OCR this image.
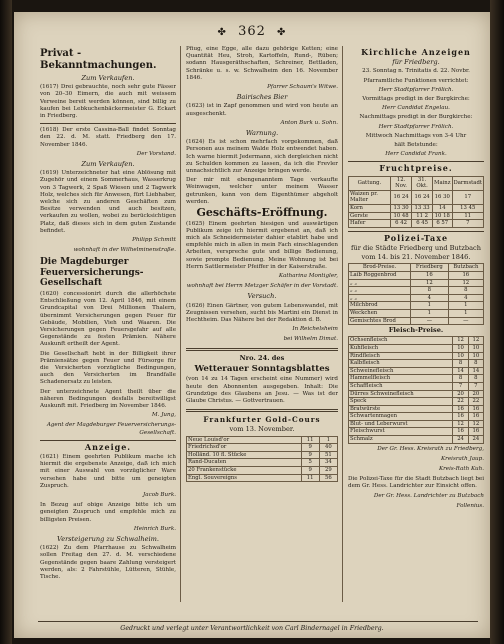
✤ 362 ✤
Privat - Bekanntmachungen.
Zum Verkaufen.

(1617) Drei gebrauchte, noch sehr gute Fässer von 20–30 Eimern, die auch mit weissem Verweine bereit werden können, sind billig zu kaufen bei Lebkuchenbäckermeister G. Eckart in Friedberg.

(1618) Der erste Cassina-Ball findet Sonntag den 22. d. M. statt. Friedberg den 17. November 1846.

Der Vorstand.
Zum Verkaufen.

(1619) Unterzeichneter hat eine Ablösung mit Zugehör und einem Sommerhaus, Wasserkrug von 3 Tagwerk, 2 Spaß Wiesen und 2 Tagwerk Holz, welches sich für Anwesen, fürt Liebhaber, welche sich zu anderen Geschäften zum Besitze verwenden und auch besitzen, verkaufen zu wollen, wobei zu berücksichtigen Platz, daß dieses sich in dem guten Zustande befindet.

Philipp Schmitt
wohnhaft in der Wilhelminenstraße.
Die Magdeburger Feuerversicherungs-Gesellschaft

(1620) concessionirt durch die allerhöchste Entschließung vom 12. April 1846, mit einem Grundcapital von Drei Millionen Thalern, übernimmt Versicherungen gegen Feuer für Gebäude, Mobilien, Vieh und Waaren. Die Versicherungen gegen Feuersgefahr auf alle Gegenstände zu festen Prämien. Nähere Auskunft ertheilt der Agent.

Die Gesellschaft hebt in der Billigkeit ihrer Prämiensätze gegen Feuer und Fürsorge für die Versicherten vorzügliche Bedingungen, auch den Versicherten im Brandfalle Schadenersatz zu leisten.

Der unterzeichnete Agent theilt über die näheren Bedingungen desfalls bereitwilligst Auskunft mit. Friedberg im November 1846.

M. Jung,
Agent der Magdeburger Feuerversicherungs-Gesellschaft.
Anzeige.

(1621) Einem geehrten Publikum mache ich hiermit die ergebenste Anzeige, daß ich mich mit einer Auswahl von vorzüglicher Ware versehen habe und bitte um geneigten Zuspruch.

Jacob Burk.

In Bezug auf obige Anzeige bitte ich um geneigten Zuspruch und empfehle mich zu billigsten Preisen.

Heinrich Burk.
Versteigerung zu Schwalheim.

(1622) Zu dem Pfarrhause zu Schwalheim sollen Freitag den 27. d. M. verschiedene Gegenstände gegen baare Zahlung versteigert werden, als: 2 Fahrstühle, Lütteren, Stühle, Tische.

Pfiug, eine Egge, alle dazu gehörige Ketten; eine Quantität Heu, Stroh, Kartoffeln, Rund-, Rüben; sodann Hausgeräthschaften, Schreiner, Bettladen, Schränke u. s. w. Schwalheim den 16. November 1846.

Pfarrer Schaum's Witwe.
Bairisches Bier

(1623) ist in Zapf genommen und wird von heute an ausgeschenkt.

Anton Burk u. Sohn.
Warnung.

(1624) Es ist schon mehrfach vorgekommen, daß Personen aus meinem Walde Holz entwendet haben. Ich warne hiermit Jedermann, sich dergleichen nicht zu Schulden kommen zu lassen, da ich die Frevler unnachsichtlich zur Anzeige bringen werde.

Der mir mit ebengenanntem Tage verkaufte Weinwagen, welcher unter meinem Wasser getrunken, kann von dem Eigenthümer abgeholt werden.

Geschäfts-Eröffnung.

(1625) Einem geehrten hiesigen und auswärtigen Publikum zeige ich hiermit ergebenst an, daß ich mich als Schneidermeister dahier etablirt habe und empfehle mich in allen in mein Fach einschlagenden Arbeiten, verspreche gute und billige Bedienung, sowie prompte Bedienung. Meine Wohnung ist bei Herrn Sattlermeister Pfeiffer in der Kaiserstraße.

Katharina Montigler,
wohnhaft bei Herrn Metzger Schäfer in der Vorstadt.
Versuch.

(1626) Einen Gärtner, von gutem Lebenswandel, mit Zeugnissen versehen, sucht bis Martini ein Dienst in Hechtheim. Das Nähere bei der Redaktion d. B.

In Reichelsheim
bei Wilhelm Dimat.
Nro. 24. des
Wetterauer Sonntagsblattes

(von 14 zu 14 Tagen erscheint eine Nummer) wird heute den Abonnenten ausgegeben. Inhalt: Die Grundzüge des Glaubens an Jesu. — Was ist der Glaube Christus. — Gottvertrauen.

Frankfurter Gold-Cours
vom 13. November.
Neue Louisd'or	11	1
Friedrichsd'or	9	40
Holländ. 10 fl. Stücke	9	51
Rand-Ducaten	5	34
20 Frankenstücke	9	29
Engl. Souvereigns	11	56
Kirchliche Anzeigen
für Friedberg.

23. Sonntag n. Trinitatis d. 22. Novbr.

Pfarramtliche Funktionen verrichtet:

Herr Stadtpfarrer Frölich.

Vormittags predigt in der Burgkirche:

Herr Candidat Engelau.

Nachmittags predigt in der Burgkirche:

Herr Stadtpfarrer Frölich.

Mittwoch Nachmittags von 3-4 Uhr

hält Betstunde:

Herr Candidat Frank.

Fruchtpreise.
Gattung.	12. Nov.	31. Okt.	Mainz	Darmstadt
Waizen pr. Malter	16 24	16 24	16 30	17
Korn	13 30	13 33	14	13 45
Gerste	10 48	11 2	10 18	11
Hafer	6 42	6 45	6 57	7
Polizei-Taxe
für die Städte Friedberg und Butzbach
vom 14. bis 21. November 1846.
Brod-Preise.	Friedberg	Butzbach
Laib Roggenbrod	16	16
„ „	12	12
„ „	8	8
„ „	4	4
Milchbrod	1	1
Weckchen	1	1
Gemischtes Brod	—	—
Fleisch-Preise.
Ochsenfleisch	12	12
Kuhfleisch	10	10
Rindfleisch	10	10
Kalbfleisch	8	8
Schweinefleisch	14	14
Hammelfleisch	8	8
Schaffleisch	7	7
Dürres Schweinefleisch	20	20
Speck	22	22
Bratwürste	16	16
Schwartenmagen	16	16
Blut- und Leberwurst	12	12
Fleischwurst	16	16
Schmalz	24	24
Der Gr. Hess. Kreisrath zu Friedberg,
Kreisrath Jaup.
Kreis-Rath Kuh.

Die Polizei-Taxe für die Stadt Butzbach liegt bei dem Gr. Hess. Landrichter zur Einsicht offen.

Der Gr. Hess. Landrichter zu Butzbach
Follenius.
Gedruckt und verlegt unter Verantwortlichkeit von Carl Bindernagel in Friedberg.
